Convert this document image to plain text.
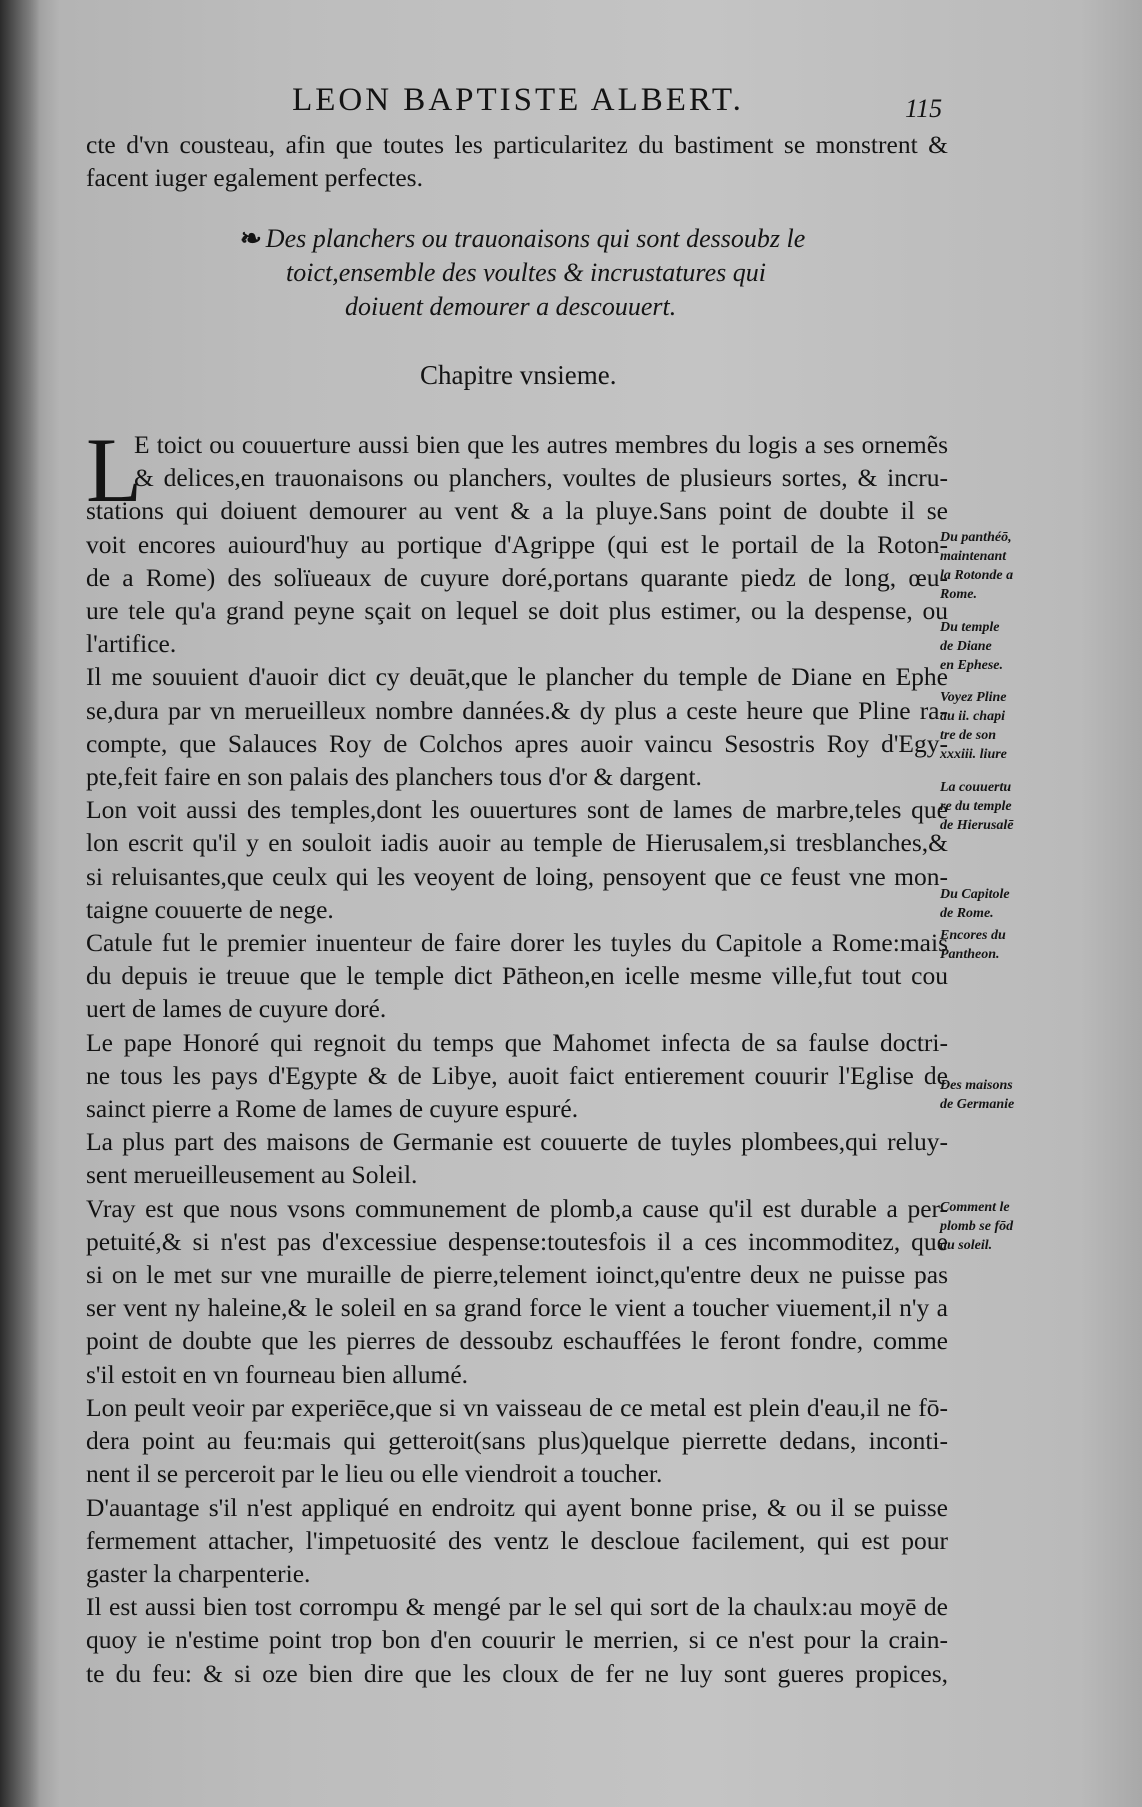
LEON BAPTISTE ALBERT.	115
cte d'vn cousteau, afin que toutes les particularitez du bastiment se monstrent &
facent iuger egalement perfectes.
❧ Des planchers ou trauonaisons qui sont dessoubz le
toict,ensemble des voultes & incrustatures qui
doiuent demourer a descouuert.
Chapitre vnsieme.
L
E toict ou couuerture aussi bien que les autres membres du logis a ses ornemẽs
& delices,en trauonaisons ou planchers, voultes de plusieurs sortes, & incru-
stations qui doiuent demourer au vent & a la pluye.Sans point de doubte il se
voit encores auiourd'huy au portique d'Agrippe (qui est le portail de la Roton-
de a Rome) des solïueaux de cuyure doré,portans quarante piedz de long, œu-
ure tele qu'a grand peyne sçait on lequel se doit plus estimer, ou la despense, ou
l'artifice.
Il me souuient d'auoir dict cy deuāt,que le plancher du temple de Diane en Ephe
se,dura par vn merueilleux nombre dannées.& dy plus a ceste heure que Pline ra-
compte, que Salauces Roy de Colchos apres auoir vaincu Sesostris Roy d'Egy-
pte,feit faire en son palais des planchers tous d'or & dargent.
Lon voit aussi des temples,dont les ouuertures sont de lames de marbre,teles que
lon escrit qu'il y en souloit iadis auoir au temple de Hierusalem,si tresblanches,&
si reluisantes,que ceulx qui les veoyent de loing, pensoyent que ce feust vne mon-
taigne couuerte de nege.
Catule fut le premier inuenteur de faire dorer les tuyles du Capitole a Rome:mais
du depuis ie treuue que le temple dict Pātheon,en icelle mesme ville,fut tout cou
uert de lames de cuyure doré.
Le pape Honoré qui regnoit du temps que Mahomet infecta de sa faulse doctri-
ne tous les pays d'Egypte & de Libye, auoit faict entierement couurir l'Eglise de
sainct pierre a Rome de lames de cuyure espuré.
La plus part des maisons de Germanie est couuerte de tuyles plombees,qui reluy-
sent merueilleusement au Soleil.
Vray est que nous vsons communement de plomb,a cause qu'il est durable a per-
petuité,& si n'est pas d'excessiue despense:toutesfois il a ces incommoditez, que
si on le met sur vne muraille de pierre,telement ioinct,qu'entre deux ne puisse pas
ser vent ny haleine,& le soleil en sa grand force le vient a toucher viuement,il n'y a
point de doubte que les pierres de dessoubz eschauffées le feront fondre, comme
s'il estoit en vn fourneau bien allumé.
Lon peult veoir par experiēce,que si vn vaisseau de ce metal est plein d'eau,il ne fō-
dera point au feu:mais qui getteroit(sans plus)quelque pierrette dedans, inconti-
nent il se perceroit par le lieu ou elle viendroit a toucher.
D'auantage s'il n'est appliqué en endroitz qui ayent bonne prise, & ou il se puisse
fermement attacher, l'impetuosité des ventz le descloue facilement, qui est pour
gaster la charpenterie.
Il est aussi bien tost corrompu & mengé par le sel qui sort de la chaulx:au moyē de
quoy ie n'estime point trop bon d'en couurir le merrien, si ce n'est pour la crain-
te du feu: & si oze bien dire que les cloux de fer ne luy sont gueres propices,
Du panthéō,
maintenant
la Rotonde a
Rome.
Du temple
de Diane
en Ephese.
Voyez Pline
au ii. chapi
tre de son
xxxiii. liure
La couuertu
re du temple
de Hierusalē
Du Capitole
de Rome.
Encores du
Pantheon.
Des maisons
de Germanie
Comment le
plomb se fōd
au soleil.
